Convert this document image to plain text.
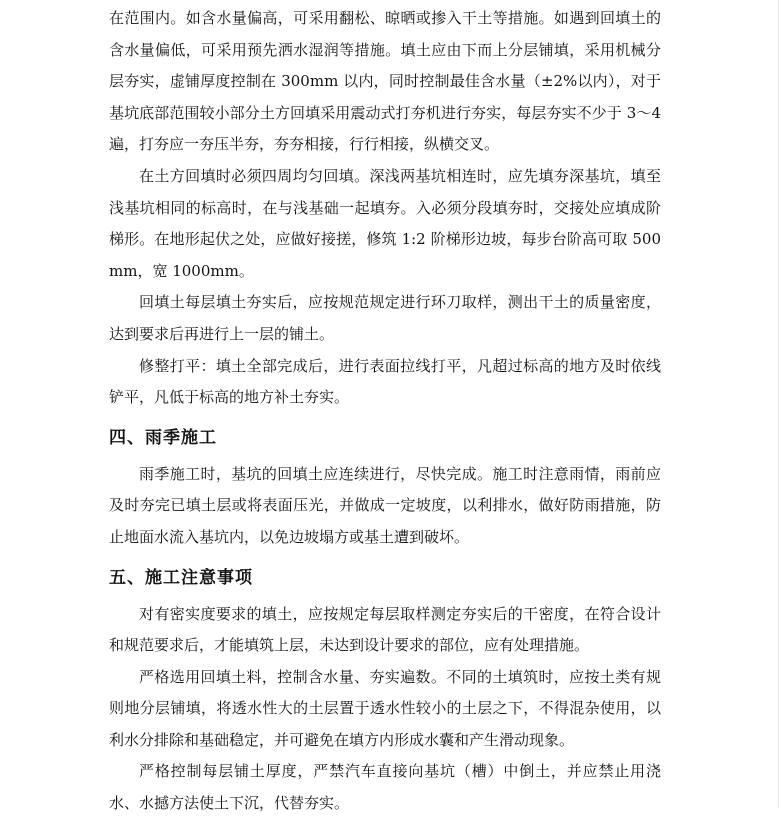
在范围内。如含水量偏高，可采用翻松、晾晒或掺入干土等措施。如遇到回填土的含水量偏低，可采用预先洒水湿润等措施。填土应由下而上分层铺填，采用机械分层夯实，虚铺厚度控制在 300mm 以内，同时控制最佳含水量（±2%以内），对于基坑底部范围较小部分土方回填采用震动式打夯机进行夯实，每层夯实不少于 3～4 遍，打夯应一夯压半夯，夯夯相接，行行相接，纵横交叉。

在土方回填时必须四周均匀回填。深浅两基坑相连时，应先填夯深基坑，填至浅基坑相同的标高时，在与浅基础一起填夯。入必须分段填夯时，交接处应填成阶梯形。在地形起伏之处，应做好接搓，修筑 1:2 阶梯形边坡，每步台阶高可取 500mm，宽 1000mm。

回填土每层填土夯实后，应按规范规定进行环刀取样，测出干土的质量密度，达到要求后再进行上一层的铺土。

修整打平：填土全部完成后，进行表面拉线打平，凡超过标高的地方及时依线铲平，凡低于标高的地方补土夯实。

四、雨季施工

雨季施工时，基坑的回填土应连续进行，尽快完成。施工时注意雨情，雨前应及时夯完已填土层或将表面压光，并做成一定坡度，以利排水，做好防雨措施，防止地面水流入基坑内，以免边坡塌方或基土遭到破坏。

五、施工注意事项

对有密实度要求的填土，应按规定每层取样测定夯实后的干密度，在符合设计和规范要求后，才能填筑上层，未达到设计要求的部位，应有处理措施。

严格选用回填土料，控制含水量、夯实遍数。不同的土填筑时，应按土类有规则地分层铺填，将透水性大的土层置于透水性较小的土层之下，不得混杂使用，以利水分排除和基础稳定，并可避免在填方内形成水囊和产生滑动现象。

严格控制每层铺土厚度，严禁汽车直接向基坑（槽）中倒土，并应禁止用浇水、水撼方法使土下沉，代替夯实。
